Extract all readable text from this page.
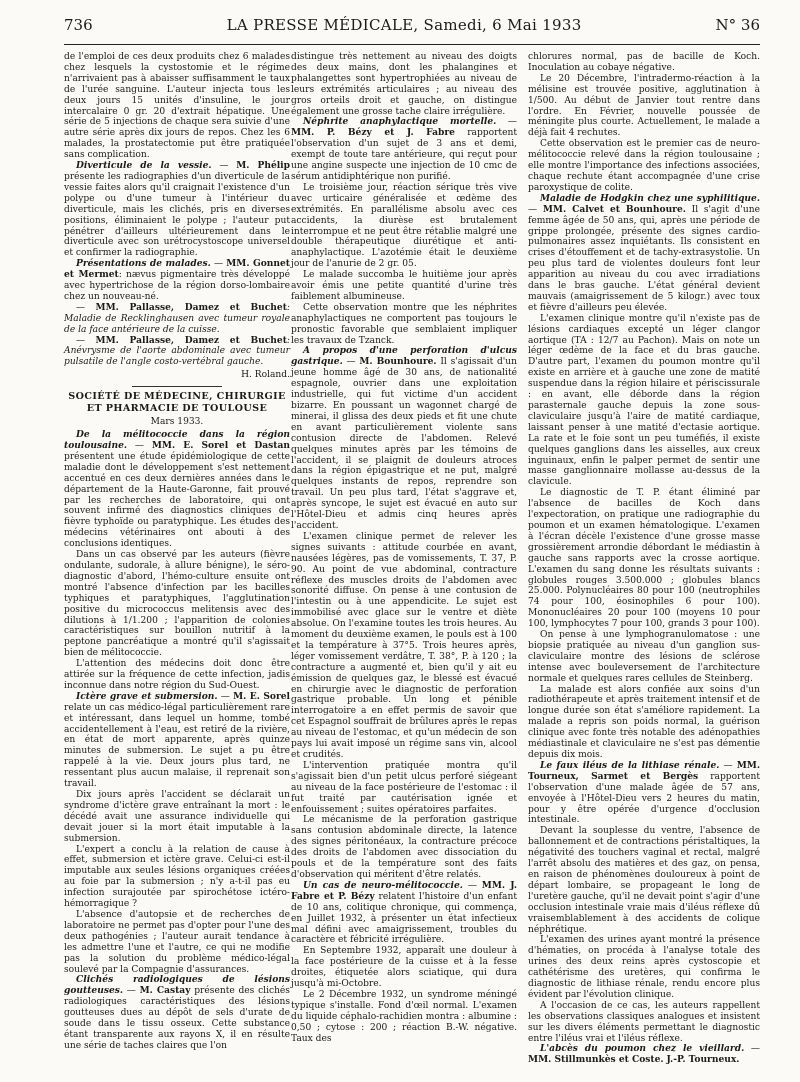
736	LA PRESSE MÉDICALE, Samedi, 6 Mai 1933	N° 36

de l'emploi de ces deux produits chez 6 malades chez lesquels la cystostomie et le régime n'arrivaient pas à abaisser suffisamment le taux de l'urée sanguine. L'auteur injecta tous les deux jours 15 unités d'insuline, le jour intercalaire 0 gr. 20 d'extrait hépatique. Une série de 5 injections de chaque sera suivie d'une autre série après dix jours de repos. Chez les 6 malades, la prostatectomie put être pratiquée sans complication.

Diverticule de la vessie. — M. Phélip présente les radiographies d'un diverticule de la vessie faites alors qu'il craignait l'existence d'un polype ou d'une tumeur à l'intérieur du diverticule, mais les clichés, pris en diverses positions, éliminaient le polype ; l'auteur put pénétrer d'ailleurs ultérieurement dans le diverticule avec son urétrocystoscope universel et confirmer la radiographie.

Présentations de malades. — MM. Gonnet et Mermet: nævus pigmentaire très développé avec hypertrichose de la région dorso-lombaire chez un nouveau-né.

— MM. Pallasse, Damez et Buchet: Maladie de Recklinghausen avec tumeur royale de la face antérieure de la cuisse.

— MM. Pallasse, Damez et Buchet: Anévrysme de l'aorte abdominale avec tumeur pulsatile de l'angle costo-vertébral gauche.

H. Roland.

SOCIÉTÉ DE MÉDECINE, CHIRURGIE ET PHARMACIE DE TOULOUSE

Mars 1933.

De la mélitococcie dans la région toulousaine. — MM. E. Sorel et Dastan présentent une étude épidémiologique de cette maladie dont le développement s'est nettement accentué en ces deux dernières années dans le département de la Haute-Garonne, fait prouvé par les recherches de laboratoire, qui ont souvent infirmé des diagnostics cliniques de fièvre typhoïde ou paratyphique. Les études des médecins vétérinaires ont abouti à des conclusions identiques.

Dans un cas observé par les auteurs (fièvre ondulante, sudorale, à allure bénigne), le séro-diagnostic d'abord, l'hémo-culture ensuite ont montré l'absence d'infection par les bacilles typhiques et paratyphiques, l'agglutination positive du micrococcus melitensis avec des dilutions à 1/1.200 ; l'apparition de colonies caractéristiques sur bouillon nutritif à la peptone pancréatique a montré qu'il s'agissait bien de mélitococcie.

L'attention des médecins doit donc être attirée sur la fréquence de cette infection, jadis inconnue dans notre région du Sud-Ouest.

Ictère grave et submersion. — M. E. Sorel relate un cas médico-légal particulièrement rare et intéressant, dans lequel un homme, tombé accidentellement à l'eau, est retiré de la rivière, en état de mort apparente, après quinze minutes de submersion. Le sujet a pu être rappelé à la vie. Deux jours plus tard, ne ressentant plus aucun malaise, il reprenait son travail.

Dix jours après l'accident se déclarait un syndrome d'ictère grave entraînant la mort : le décédé avait une assurance individuelle qui devait jouer si la mort était imputable à la submersion.

L'expert a conclu à la relation de cause à effet, submersion et ictère grave. Celui-ci est-il imputable aux seules lésions organiques créées au foie par la submersion ; n'y a-t-il pas eu infection surajoutée par spirochétose ictéro-hémorragique ?

L'absence d'autopsie et de recherches de laboratoire ne permet pas d'opter pour l'une des deux pathogénies ; l'auteur aurait tendance à les admettre l'une et l'autre, ce qui ne modifie pas la solution du problème médico-légal soulevé par la Compagnie d'assurances.

Clichés radiologiques de lésions goutteuses. — M. Castay présente des clichés radiologiques caractéristiques des lésions goutteuses dues au dépôt de sels d'urate de soude dans le tissu osseux. Cette substance étant transparente aux rayons X, il en résulte une série de taches claires que l'on

distingue très nettement au niveau des doigts des deux mains, dont les phalangines et phalangettes sont hypertrophiées au niveau de leurs extrémités articulaires ; au niveau des gros orteils droit et gauche, on distingue également une grosse tache claire irrégulière.

Néphrite anaphylactique mortelle. — MM. P. Bézy et J. Fabre rapportent l'observation d'un sujet de 3 ans et demi, exempt de toute tare antérieure, qui reçut pour une angine suspecte une injection de 10 cmc de sérum antidiphtérique non purifié.

Le troisième jour, réaction sérique très vive avec urticaire généralisée et œdème des extrémités. En parallélisme absolu avec ces accidents, la diurèse est brutalement interrompue et ne peut être rétablie malgré une double thérapeutique diurétique et anti-anaphylactique. L'azotémie était le deuxième jour de l'anurie de 2 gr. 05.

Le malade succomba le huitième jour après avoir émis une petite quantité d'urine très faiblement albumineuse.

Cette observation montre que les néphrites anaphylactiques ne comportent pas toujours le pronostic favorable que semblaient impliquer les travaux de Tzanck.

A propos d'une perforation d'ulcus gastrique. — M. Bounhoure. Il s'agissait d'un jeune homme âgé de 30 ans, de nationalité espagnole, ouvrier dans une exploitation industrielle, qui fut victime d'un accident bizarre. En poussant un wagonnet chargé de minerai, il glissa des deux pieds et fit une chute en avant particulièrement violente sans contusion directe de l'abdomen. Relevé quelques minutes après par les témoins de l'accident, il se plaignit de douleurs atroces dans la région épigastrique et ne put, malgré quelques instants de repos, reprendre son travail. Un peu plus tard, l'état s'aggrave et, après syncope, le sujet est évacué en auto sur l'Hôtel-Dieu et admis cinq heures après l'accident.

L'examen clinique permet de relever les signes suivants : attitude courbée en avant, nausées légères, pas de vomissements, T. 37, P. 90. Au point de vue abdominal, contracture réflexe des muscles droits de l'abdomen avec sonorité diffuse. On pense à une contusion de l'intestin ou à une appendicite. Le sujet est immobilisé avec glace sur le ventre et diète absolue. On l'examine toutes les trois heures. Au moment du deuxième examen, le pouls est à 100 et la température à 37°5. Trois heures après, léger vomissement verdâtre, T. 38°, P. à 120 ; la contracture a augmenté et, bien qu'il y ait eu émission de quelques gaz, le blessé est évacué en chirurgie avec le diagnostic de perforation gastrique probable. Un long et pénible interrogatoire a en effet permis de savoir que cet Espagnol souffrait de brûlures après le repas au niveau de l'estomac, et qu'un médecin de son pays lui avait imposé un régime sans vin, alcool et crudités.

L'intervention pratiquée montra qu'il s'agissait bien d'un petit ulcus perforé siégeant au niveau de la face postérieure de l'estomac : il fut traité par cautérisation ignée et enfouissement ; suites opératoires parfaites.

Le mécanisme de la perforation gastrique sans contusion abdominale directe, la latence des signes péritonéaux, la contracture précoce des droits de l'abdomen avec dissociation du pouls et de la température sont des faits d'observation qui méritent d'être relatés.

Un cas de neuro-mélitococcie. — MM. J. Fabre et P. Bézy relatent l'histoire d'un enfant de 10 ans, colitique chronique, qui commença, en Juillet 1932, à présenter un état infectieux mal défini avec amaigrissement, troubles du caractère et fébricité irrégulière.

En Septembre 1932, apparaît une douleur à la face postérieure de la cuisse et à la fesse droites, étiquetée alors sciatique, qui dura jusqu'à mi-Octobre.

Le 2 Décembre 1932, un syndrome méningé typique s'installe. Fond d'œil normal. L'examen du liquide céphalo-rachidien montra : albumine : 0,50 ; cytose : 200 ; réaction B.-W. négative. Taux des

chlorures normal, pas de bacille de Koch. Inoculation au cobaye négative.

Le 20 Décembre, l'intradermo-réaction à la mélisine est trouvée positive, agglutination à 1/500. Au début de Janvier tout rentre dans l'ordre. En Février, nouvelle poussée de méningite plus courte. Actuellement, le malade a déjà fait 4 rechutes.

Cette observation est le premier cas de neuro-mélitococcie relevé dans la région toulousaine ; elle montre l'importance des infections associées, chaque rechute étant accompagnée d'une crise paroxystique de colite.

Maladie de Hodgkin chez une syphilitique. — MM. Calvet et Bounhoure. Il s'agit d'une femme âgée de 50 ans, qui, après une période de grippe prolongée, présente des signes cardio-pulmonaires assez inquiétants. Ils consistent en crises d'étouffement et de tachy-extrasystolie. Un peu plus tard de violentes douleurs font leur apparition au niveau du cou avec irradiations dans le bras gauche. L'état général devient mauvais (amaigrissement de 5 kilogr.) avec toux et fièvre d'ailleurs peu élevée.

L'examen clinique montre qu'il n'existe pas de lésions cardiaques excepté un léger clangor aortique (TA : 12/7 au Pachon). Mais on note un léger œdème de la face et du bras gauche. D'autre part, l'examen du poumon montre qu'il existe en arrière et à gauche une zone de matité suspendue dans la région hilaire et périscissurale : en avant, elle déborde dans la région parasternale gauche depuis la zone sous-claviculaire jusqu'à l'aire de matité cardiaque, laissant penser à une matité d'ectasie aortique. La rate et le foie sont un peu tuméfiés, il existe quelques ganglions dans les aisselles, aux creux inguinaux, enfin le palper permet de sentir une masse ganglionnaire mollasse au-dessus de la clavicule.

Le diagnostic de T. P. étant éliminé par l'absence de bacilles de Koch dans l'expectoration, on pratique une radiographie du poumon et un examen hématologique. L'examen à l'écran décèle l'existence d'une grosse masse grossièrement arrondie débordant le médiastin à gauche sans rapports avec la crosse aortique. L'examen du sang donne les résultats suivants : globules rouges 3.500.000 ; globules blancs 25.000. Polynucléaires 80 pour 100 (neutrophiles 74 pour 100, éosinophiles 6 pour 100). Mononucléaires 20 pour 100 (moyens 10 pour 100, lymphocytes 7 pour 100, grands 3 pour 100).

On pense à une lymphogranulomatose : une biopsie pratiquée au niveau d'un ganglion sus-claviculaire montre des lésions de sclérose intense avec bouleversement de l'architecture normale et quelques rares cellules de Steinberg.

La malade est alors confiée aux soins d'un radiothérapeute et après traitement intensif et de longue durée son état s'améliore rapidement. La malade a repris son poids normal, la guérison clinique avec fonte très notable des adénopathies médiastinale et claviculaire ne s'est pas démentie depuis dix mois.

Le faux iléus de la lithiase rénale. — MM. Tourneux, Sarmet et Bergès rapportent l'observation d'une malade âgée de 57 ans, envoyée à l'Hôtel-Dieu vers 2 heures du matin, pour y être opérée d'urgence d'occlusion intestinale.

Devant la souplesse du ventre, l'absence de ballonnement et de contractions péristaltiques, la négativité des touchers vaginal et rectal, malgré l'arrêt absolu des matières et des gaz, on pensa, en raison de phénomènes douloureux à point de départ lombaire, se propageant le long de l'uretère gauche, qu'il ne devait point s'agir d'une occlusion intestinale vraie mais d'iléus réflexe dû vraisemblablement à des accidents de colique néphrétique.

L'examen des urines ayant montré la présence d'hématies, on procéda à l'analyse totale des urines des deux reins après cystoscopie et cathétérisme des uretères, qui confirma le diagnostic de lithiase rénale, rendu encore plus évident par l'évolution clinique.

A l'occasion de ce cas, les auteurs rappellent les observations classiques analogues et insistent sur les divers éléments permettant le diagnostic entre l'iléus vrai et l'iléus réflexe.

L'abcès du poumon chez le vieillard. — MM. Stillmunkès et Coste. J.-P. Tourneux.
